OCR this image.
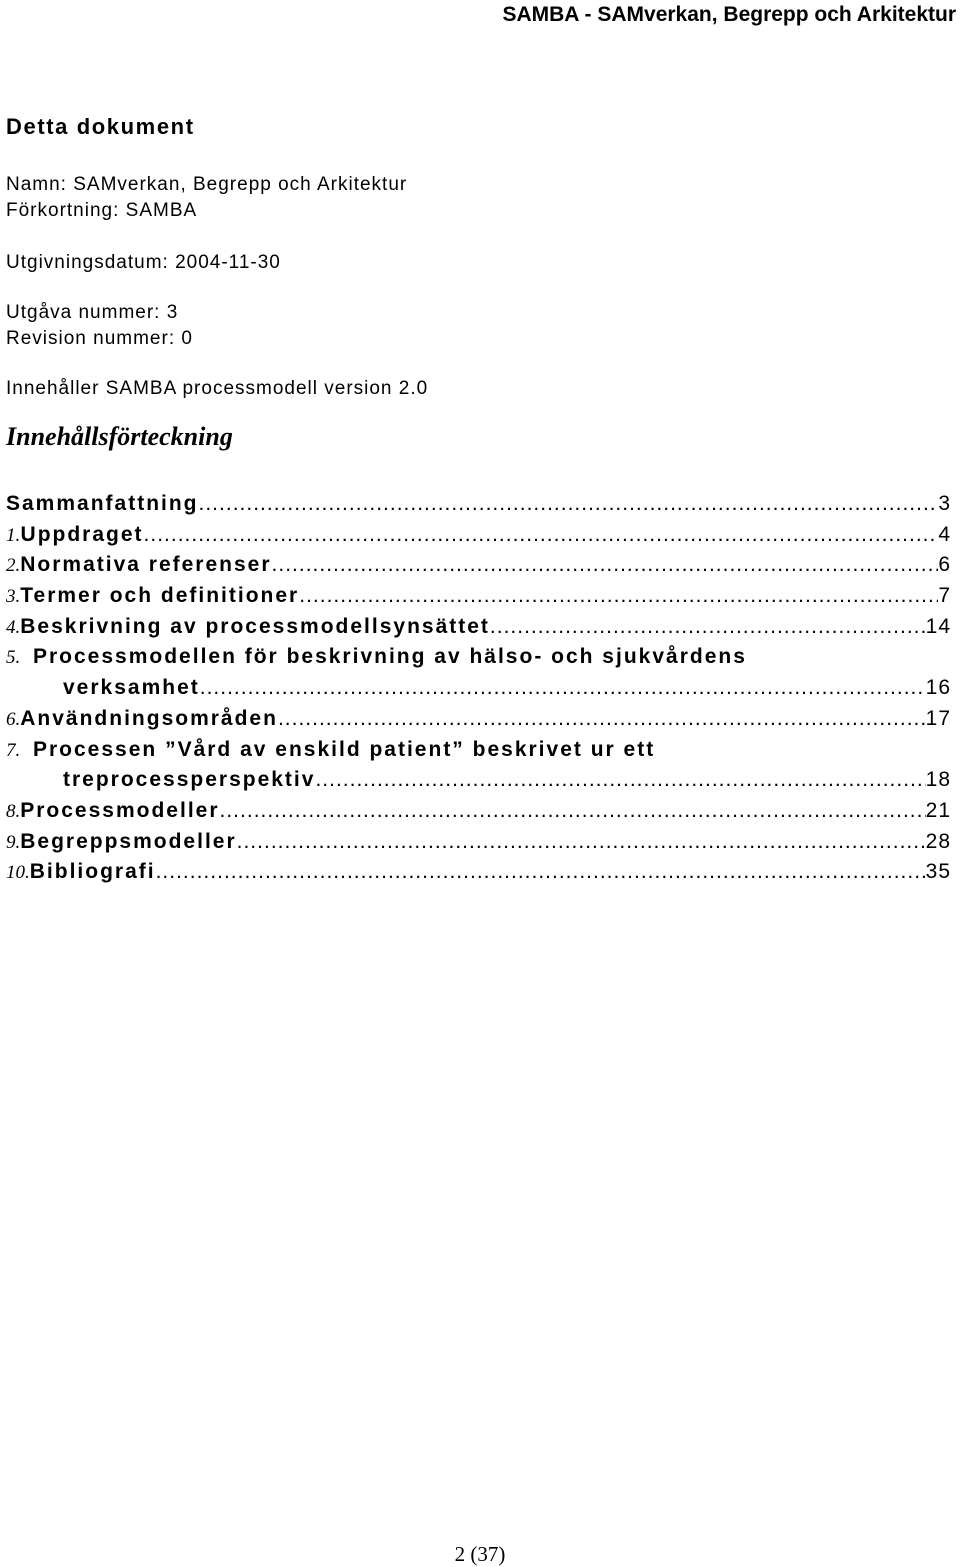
SAMBA - SAMverkan, Begrepp och Arkitektur
Detta dokument

Namn: SAMverkan, Begrepp och Arkitektur

Förkortning: SAMBA

Utgivningsdatum: 2004-11-30

Utgåva nummer: 3

Revision nummer: 0

Innehåller SAMBA processmodell version 2.0

Innehållsförteckning
Sammanfattning .....	3
1. Uppdraget .....	4
2. Normativa referenser .....	6
3. Termer och definitioner .....	7
4. Beskrivning av processmodellsynsättet .....	14
5. Processmodellen för beskrivning av hälso- och sjukvårdens
verksamhet .....	16
6. Användningsområden .....	17
7. Processen ”Vård av enskild patient” beskrivet ur ett
treprocessperspektiv .....	18
8. Processmodeller .....	21
9. Begreppsmodeller .....	28
10. Bibliografi .....	35
2 (37)
